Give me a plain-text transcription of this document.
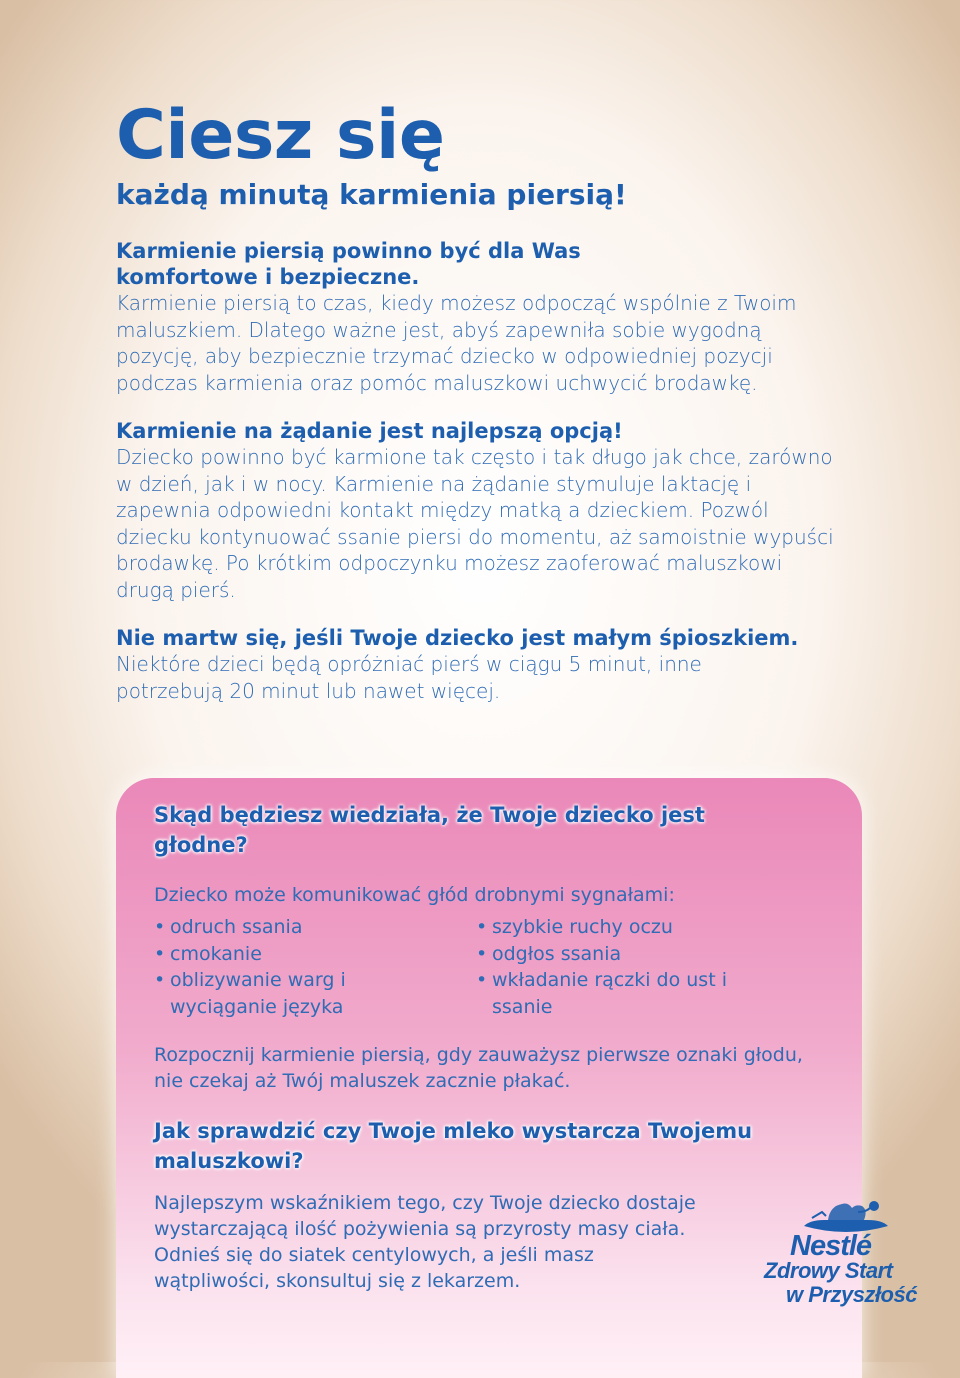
Ciesz się

każdą minutą karmienia piersią!

Karmienie piersią powinno być dla Was komfortowe i bezpieczne.

Karmienie piersią to czas, kiedy możesz odpocząć wspólnie z Twoim maluszkiem. Dlatego ważne jest, abyś zapewniła sobie wygodną pozycję, aby bezpiecznie trzymać dziecko w odpowiedniej pozycji podczas karmienia oraz pomóc maluszkowi uchwycić brodawkę.

Karmienie na żądanie jest najlepszą opcją!

Dziecko powinno być karmione tak często i tak długo jak chce, zarówno w dzień, jak i w nocy. Karmienie na żądanie stymuluje laktację i zapewnia odpowiedni kontakt między matką a dzieckiem. Pozwól dziecku kontynuować ssanie piersi do momentu, aż samoistnie wypuści brodawkę. Po krótkim odpoczynku możesz zaoferować maluszkowi drugą pierś.

Nie martw się, jeśli Twoje dziecko jest małym śpioszkiem.

Niektóre dzieci będą opróżniać pierś w ciągu 5 minut, inne potrzebują 20 minut lub nawet więcej.

Skąd będziesz wiedziała, że Twoje dziecko jest głodne?

Dziecko może komunikować głód drobnymi sygnałami:

• odruch ssania
• cmokanie
• oblizywanie warg i wyciąganie języka
• szybkie ruchy oczu
• odgłos ssania
• wkładanie rączki do ust i ssanie

Rozpocznij karmienie piersią, gdy zauważysz pierwsze oznaki głodu, nie czekaj aż Twój maluszek zacznie płakać.

Jak sprawdzić czy Twoje mleko wystarcza Twojemu maluszkowi?

Najlepszym wskaźnikiem tego, czy Twoje dziecko dostaje wystarczającą ilość pożywienia są przyrosty masy ciała. Odnieś się do siatek centylowych, a jeśli masz wątpliwości, skonsultuj się z lekarzem.

Nestlé
Zdrowy Start
w Przyszłość
